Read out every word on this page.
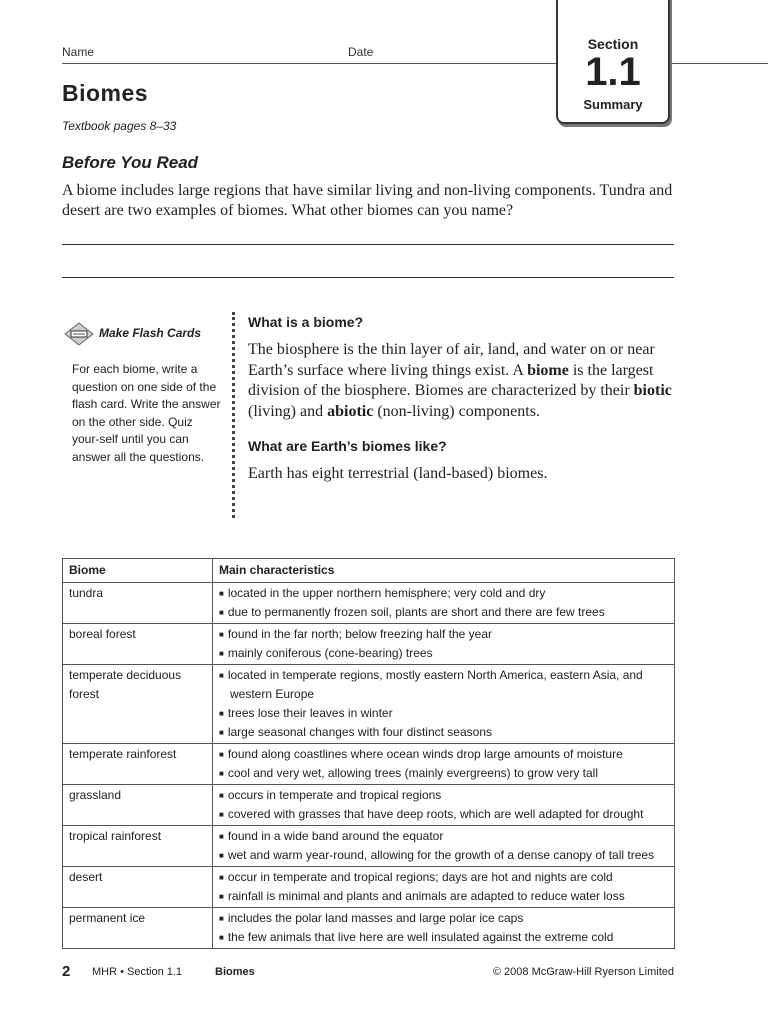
Name	Date	Section
1.1
Summary
Biomes
Textbook pages 8–33
Before You Read
A biome includes large regions that have similar living and non-living components. Tundra and desert are two examples of biomes. What other biomes can you name?
Make Flash Cards
For each biome, write a question on one side of the flash card. Write the answer on the other side. Quiz your-self until you can answer all the questions.
What is a biome?
The biosphere is the thin layer of air, land, and water on or near Earth’s surface where living things exist. A biome is the largest division of the biosphere. Biomes are characterized by their biotic (living) and abiotic (non-living) components.
What are Earth’s biomes like?
Earth has eight terrestrial (land-based) biomes.
Biome	Main characteristics
tundra	■ located in the upper northern hemisphere; very cold and dry
■ due to permanently frozen soil, plants are short and there are few trees

boreal forest	■ found in the far north; below freezing half the year
■ mainly coniferous (cone-bearing) trees

temperate deciduous forest	■ located in temperate regions, mostly eastern North America, eastern Asia, and western Europe
■ trees lose their leaves in winter
■ large seasonal changes with four distinct seasons

temperate rainforest	■ found along coastlines where ocean winds drop large amounts of moisture
■ cool and very wet, allowing trees (mainly evergreens) to grow very tall

grassland	■ occurs in temperate and tropical regions
■ covered with grasses that have deep roots, which are well adapted for drought

tropical rainforest	■ found in a wide band around the equator
■ wet and warm year-round, allowing for the growth of a dense canopy of tall trees

desert	■ occur in temperate and tropical regions; days are hot and nights are cold
■ rainfall is minimal and plants and animals are adapted to reduce water loss

permanent ice	■ includes the polar land masses and large polar ice caps
■ the few animals that live here are well insulated against the extreme cold
2 MHR • Section 1.1	Biomes	© 2008 McGraw-Hill Ryerson Limited
